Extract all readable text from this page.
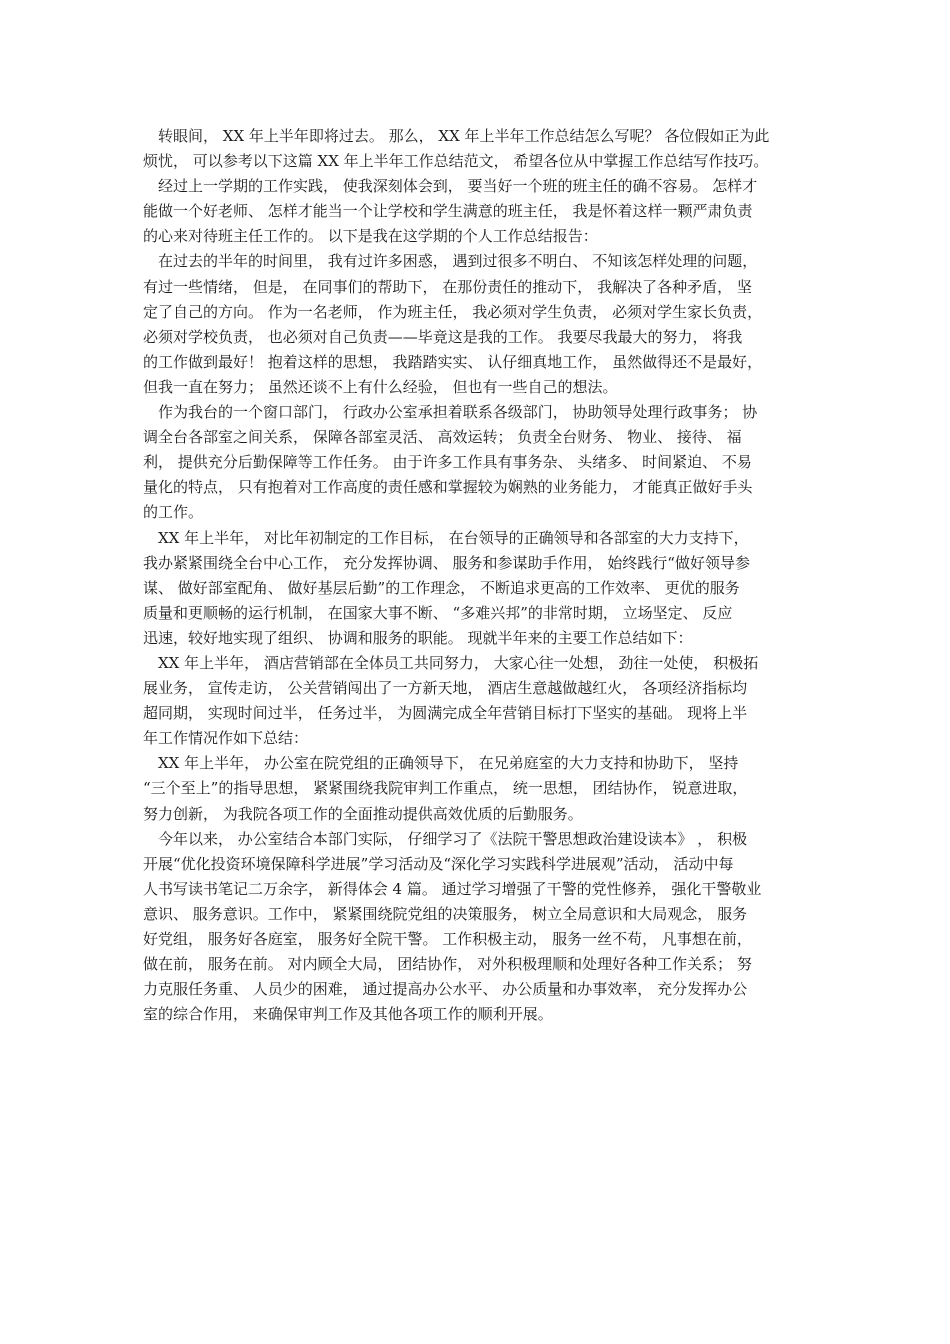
　转眼间， XX 年上半年即将过去。 那么， XX 年上半年工作总结怎么写呢？ 各位假如正为此
烦忧， 可以参考以下这篇 XX 年上半年工作总结范文， 希望各位从中掌握工作总结写作技巧。
　经过上一学期的工作实践， 使我深刻体会到， 要当好一个班的班主任的确不容易。 怎样才
能做一个好老师、 怎样才能当一个让学校和学生满意的班主任， 我是怀着这样一颗严肃负责
的心来对待班主任工作的。 以下是我在这学期的个人工作总结报告：
　在过去的半年的时间里， 我有过许多困惑， 遇到过很多不明白、 不知该怎样处理的问题，
有过一些情绪， 但是， 在同事们的帮助下， 在那份责任的推动下， 我解决了各种矛盾， 坚
定了自己的方向。 作为一名老师， 作为班主任， 我必须对学生负责， 必须对学生家长负责，
必须对学校负责， 也必须对自己负责——毕竟这是我的工作。 我要尽我最大的努力， 将我
的工作做到最好！ 抱着这样的思想， 我踏踏实实、 认仔细真地工作， 虽然做得还不是最好，
但我一直在努力； 虽然还谈不上有什么经验， 但也有一些自己的想法。
　作为我台的一个窗口部门， 行政办公室承担着联系各级部门， 协助领导处理行政事务； 协
调全台各部室之间关系， 保障各部室灵活、 高效运转； 负责全台财务、 物业、 接待、 福
利， 提供充分后勤保障等工作任务。 由于许多工作具有事务杂、 头绪多、 时间紧迫、 不易
量化的特点， 只有抱着对工作高度的责任感和掌握较为娴熟的业务能力， 才能真正做好手头
的工作。
　XX 年上半年， 对比年初制定的工作目标， 在台领导的正确领导和各部室的大力支持下，
我办紧紧围绕全台中心工作， 充分发挥协调、 服务和参谋助手作用， 始终践行“做好领导参
谋、 做好部室配角、 做好基层后勤”的工作理念， 不断追求更高的工作效率、 更优的服务
质量和更顺畅的运行机制， 在国家大事不断、 “多难兴邦”的非常时期， 立场坚定、 反应
迅速，较好地实现了组织、 协调和服务的职能。 现就半年来的主要工作总结如下：
　XX 年上半年， 酒店营销部在全体员工共同努力， 大家心往一处想， 劲往一处使， 积极拓
展业务， 宣传走访， 公关营销闯出了一方新天地， 酒店生意越做越红火， 各项经济指标均
超同期， 实现时间过半， 任务过半， 为圆满完成全年营销目标打下坚实的基础。 现将上半
年工作情况作如下总结：
　XX 年上半年， 办公室在院党组的正确领导下， 在兄弟庭室的大力支持和协助下， 坚持
“三个至上”的指导思想， 紧紧围绕我院审判工作重点， 统一思想， 团结协作， 锐意进取，
努力创新， 为我院各项工作的全面推动提供高效优质的后勤服务。
　今年以来， 办公室结合本部门实际， 仔细学习了《法院干警思想政治建设读本》 ， 积极
开展“优化投资环境保障科学进展”学习活动及“深化学习实践科学进展观”活动， 活动中每
人书写读书笔记二万余字， 新得体会 4 篇。 通过学习增强了干警的党性修养， 强化干警敬业
意识、 服务意识。工作中， 紧紧围绕院党组的决策服务， 树立全局意识和大局观念， 服务
好党组， 服务好各庭室， 服务好全院干警。 工作积极主动， 服务一丝不苟， 凡事想在前，
做在前， 服务在前。 对内顾全大局， 团结协作， 对外积极理顺和处理好各种工作关系； 努
力克服任务重、 人员少的困难， 通过提高办公水平、 办公质量和办事效率， 充分发挥办公
室的综合作用， 来确保审判工作及其他各项工作的顺利开展。
